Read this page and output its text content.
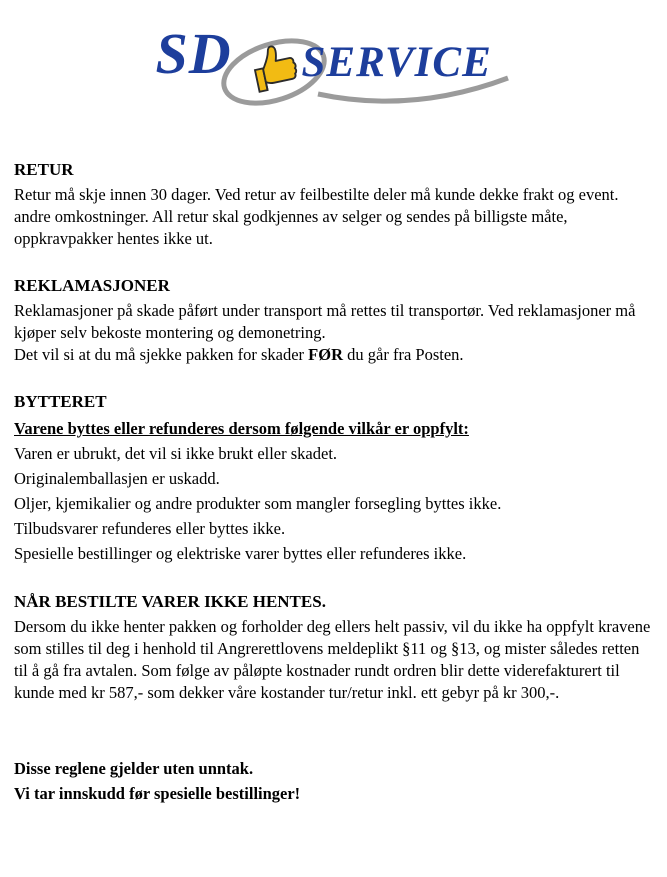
SD SERVICE
RETUR
Retur må skje innen 30 dager. Ved retur av feilbestilte deler må kunde dekke frakt og event. andre omkostninger. All retur skal godkjennes av selger og sendes på billigste måte, oppkravpakker hentes ikke ut.
REKLAMASJONER
Reklamasjoner på skade påført under transport må rettes til transportør. Ved reklamasjoner må kjøper selv bekoste montering og demonetring.
Det vil si at du må sjekke pakken for skader FØR du går fra Posten.
BYTTERET
Varene byttes eller refunderes dersom følgende vilkår er oppfylt:
Varen er ubrukt, det vil si ikke brukt eller skadet.
Originalemballasjen er uskadd.
Oljer, kjemikalier og andre produkter som mangler forsegling byttes ikke.
Tilbudsvarer refunderes eller byttes ikke.
Spesielle bestillinger og elektriske varer byttes eller refunderes ikke.
NÅR BESTILTE VARER IKKE HENTES.
Dersom du ikke henter pakken og forholder deg ellers helt passiv, vil du ikke ha oppfylt kravene som stilles til deg i henhold til Angrerettlovens meldeplikt §11 og §13, og mister således retten til å gå fra avtalen. Som følge av påløpte kostnader rundt ordren blir dette viderefakturert til kunde med kr 587,- som dekker våre kostander tur/retur inkl. ett gebyr på kr 300,-.
Disse reglene gjelder uten unntak.
Vi tar innskudd før spesielle bestillinger!
